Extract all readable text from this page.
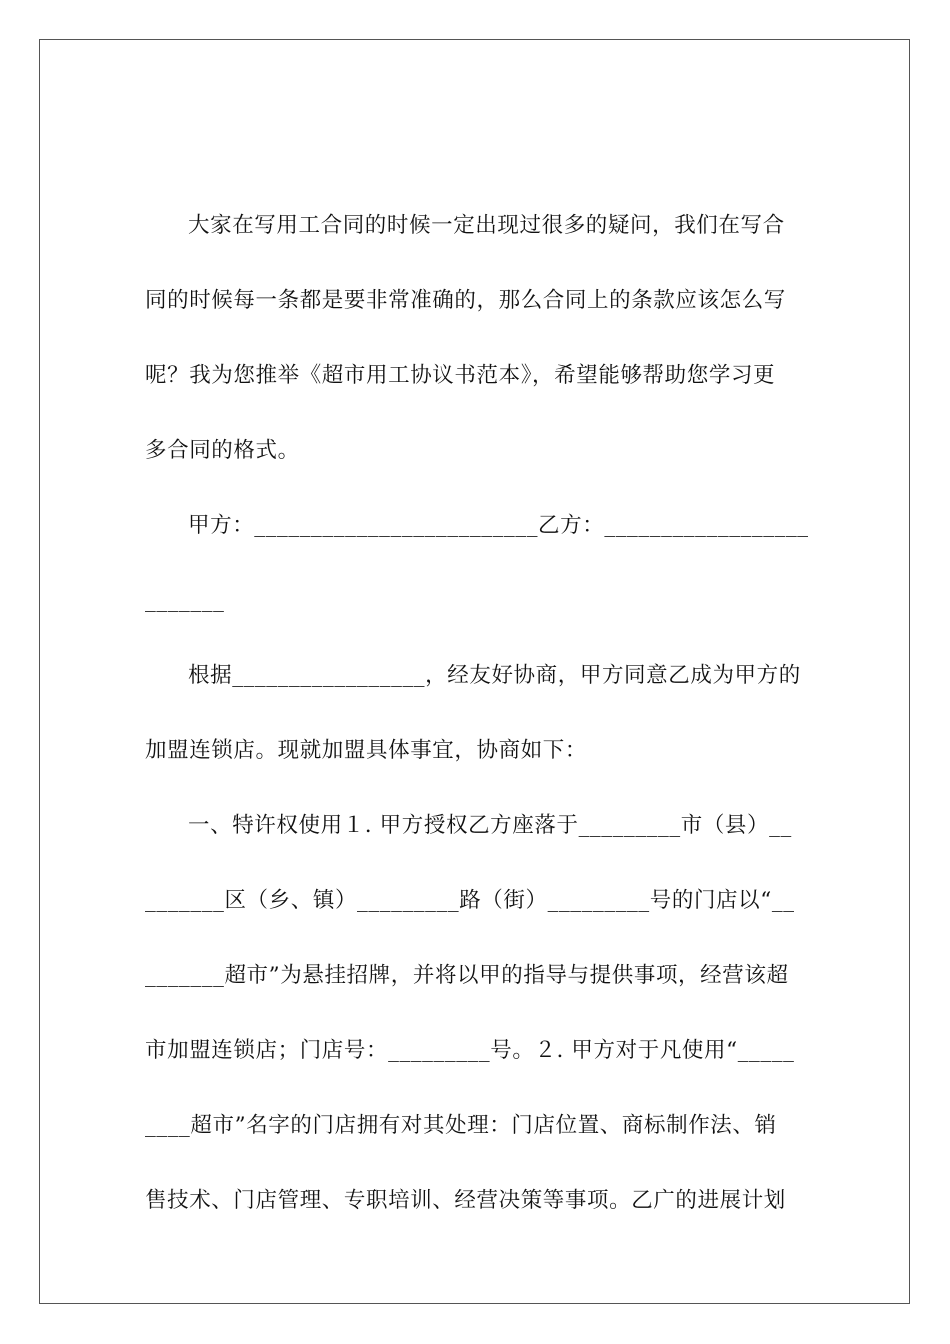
大家在写用工合同的时候一定出现过很多的疑问，我们在写合
同的时候每一条都是要非常准确的，那么合同上的条款应该怎么写
呢？我为您推举《超市用工协议书范本》，希望能够帮助您学习更
多合同的格式。
甲方：_________________________乙方：__________________
_______
根据_________________，经友好协商，甲方同意乙成为甲方的
加盟连锁店。现就加盟具体事宜，协商如下：
一、特许权使用１. 甲方授权乙方座落于_________市（县）__
_______区（乡、镇）_________路（街）_________号的门店以“__
_______超市”为悬挂招牌，并将以甲的指导与提供事项，经营该超
市加盟连锁店；门店号：_________号。２. 甲方对于凡使用“_____
____超市”名字的门店拥有对其处理：门店位置、商标制作法、销
售技术、门店管理、专职培训、经营决策等事项。乙广的进展计划
